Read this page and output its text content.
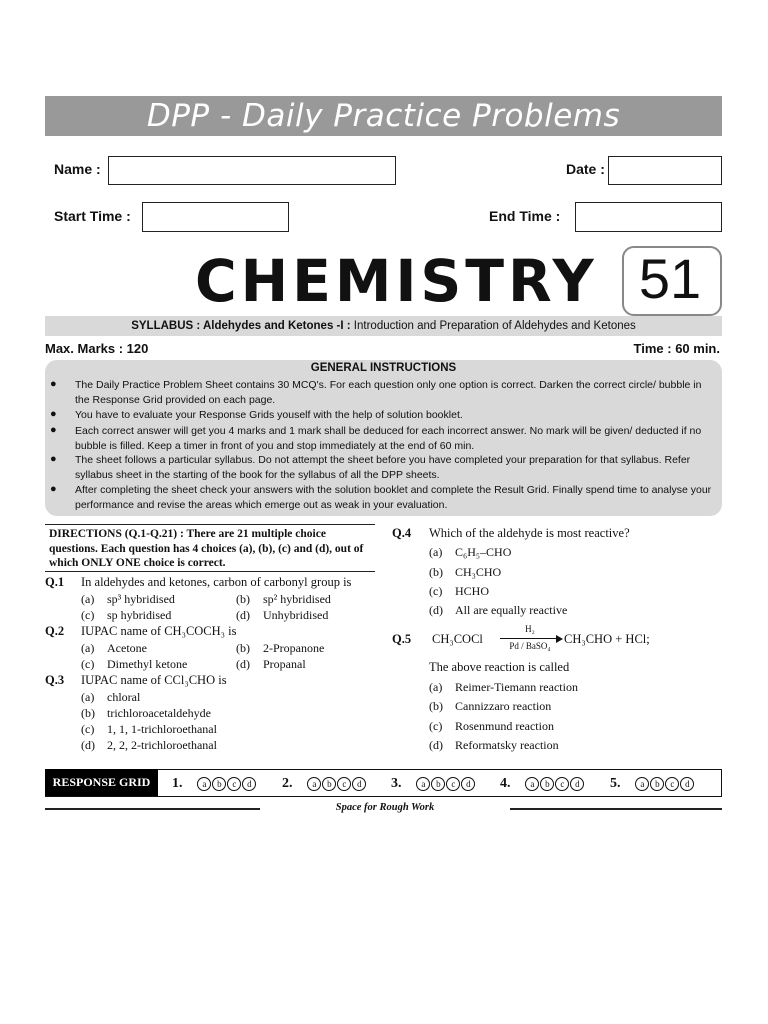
DPP - Daily Practice Problems
Name :	Date :
Start Time :	End Time :
CHEMISTRY 51
SYLLABUS : Aldehydes and Ketones -I : Introduction and Preparation of Aldehydes and Ketones
Max. Marks : 120	Time : 60 min.
GENERAL INSTRUCTIONS
●	The Daily Practice Problem Sheet contains 30 MCQ's. For each question only one option is correct. Darken the correct circle/ bubble in the Response Grid provided on each page.
●	You have to evaluate your Response Grids youself with the help of solution booklet.
●	Each correct answer will get you 4 marks and 1 mark shall be deduced for each incorrect answer. No mark will be given/ deducted if no bubble is filled. Keep a timer in front of you and stop immediately at the end of 60 min.
●	The sheet follows a particular syllabus. Do not attempt the sheet before you have completed your preparation for that syllabus. Refer syllabus sheet in the starting of the book for the syllabus of all the DPP sheets.
●	After completing the sheet check your answers with the solution booklet and complete the Result Grid. Finally spend time to analyse your performance and revise the areas which emerge out as weak in your evaluation.
DIRECTIONS (Q.1-Q.21) : There are 21 multiple choice questions. Each question has 4 choices (a), (b), (c) and (d), out of which ONLY ONE choice is correct.
Q.1 In aldehydes and ketones, carbon of carbonyl group is
(a) sp³ hybridised	(b) sp² hybridised
(c) sp hybridised	(d) Unhybridised
Q.2 IUPAC name of CH₃COCH₃ is
(a) Acetone	(b) 2-Propanone
(c) Dimethyl ketone	(d) Propanal
Q.3 IUPAC name of CCl₃CHO is
(a) chloral
(b) trichloroacetaldehyde
(c) 1, 1, 1-trichloroethanal
(d) 2, 2, 2-trichloroethanal
Q.4 Which of the aldehyde is most reactive?
(a) C₆H₅–CHO
(b) CH₃CHO
(c) HCHO
(d) All are equally reactive
Q.5 CH₃COCl
H₂
Pd / BaSO₄	CH₃CHO + HCl;
The above reaction is called
(a) Reimer-Tiemann reaction
(b) Cannizzaro reaction
(c) Rosenmund reaction
(d) Reformatsky reaction
RESPONSE GRID	1. a b c d	2. a b c d	3. a b c d	4. a b c d	5. a b c d
Space for Rough Work
